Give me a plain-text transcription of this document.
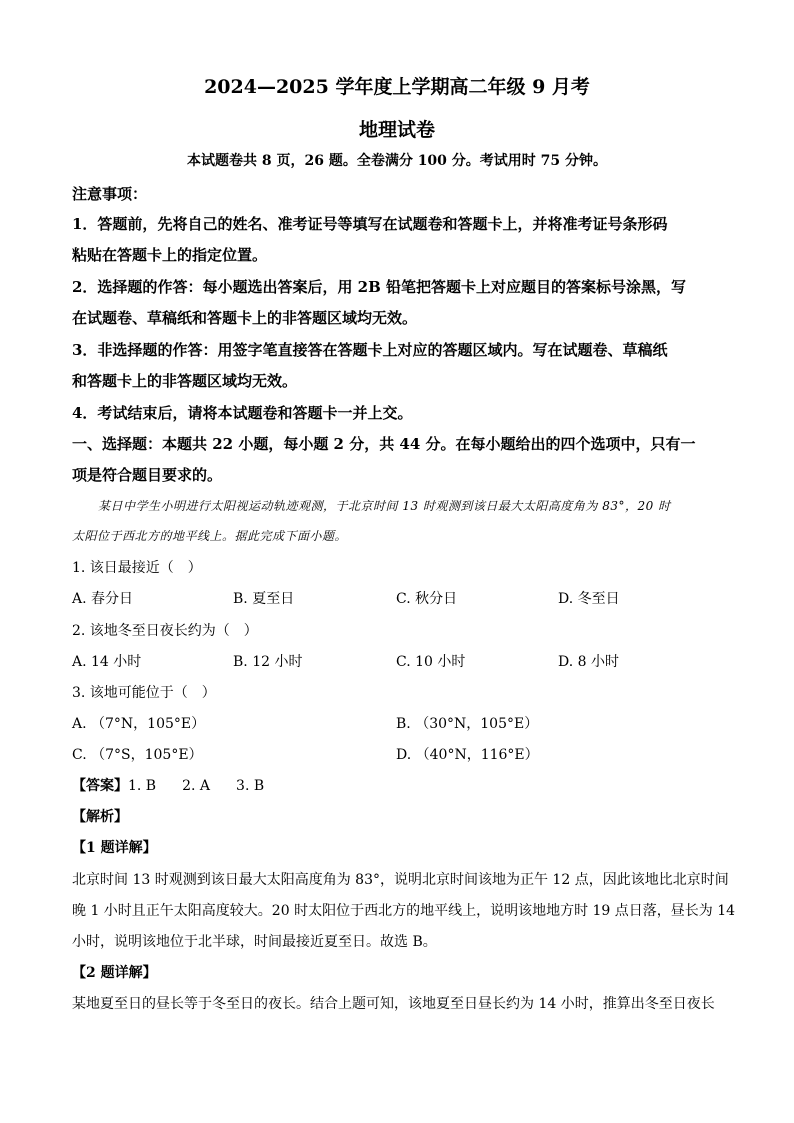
2024—2025 学年度上学期高二年级 9 月考
地理试卷
本试题卷共 8 页，26 题。全卷满分 100 分。考试用时 75 分钟。
注意事项：
1．答题前，先将自己的姓名、准考证号等填写在试题卷和答题卡上，并将准考证号条形码
粘贴在答题卡上的指定位置。
2．选择题的作答：每小题选出答案后，用 2B 铅笔把答题卡上对应题目的答案标号涂黑，写
在试题卷、草稿纸和答题卡上的非答题区域均无效。
3．非选择题的作答：用签字笔直接答在答题卡上对应的答题区域内。写在试题卷、草稿纸
和答题卡上的非答题区域均无效。
4．考试结束后，请将本试题卷和答题卡一并上交。
一、选择题：本题共 22 小题，每小题 2 分，共 44 分。在每小题给出的四个选项中，只有一
项是符合题目要求的。
某日中学生小明进行太阳视运动轨迹观测，于北京时间 13 时观测到该日最大太阳高度角为 83°，20 时
太阳位于西北方的地平线上。据此完成下面小题。
1. 该日最接近（　）
A. 春分日	B. 夏至日	C. 秋分日	D. 冬至日
2. 该地冬至日夜长约为（　）
A. 14 小时	B. 12 小时	C. 10 小时	D. 8 小时
3. 该地可能位于（　）
A. （7°N，105°E）	B. （30°N，105°E）
C. （7°S，105°E）	D. （40°N，116°E）
【答案】1. B 2. A 3. B
【解析】
【1 题详解】
北京时间 13 时观测到该日最大太阳高度角为 83°，说明北京时间该地为正午 12 点，因此该地比北京时间
晚 1 小时且正午太阳高度较大。20 时太阳位于西北方的地平线上，说明该地地方时 19 点日落，昼长为 14
小时，说明该地位于北半球，时间最接近夏至日。故选 B。
【2 题详解】
某地夏至日的昼长等于冬至日的夜长。结合上题可知，该地夏至日昼长约为 14 小时，推算出冬至日夜长
